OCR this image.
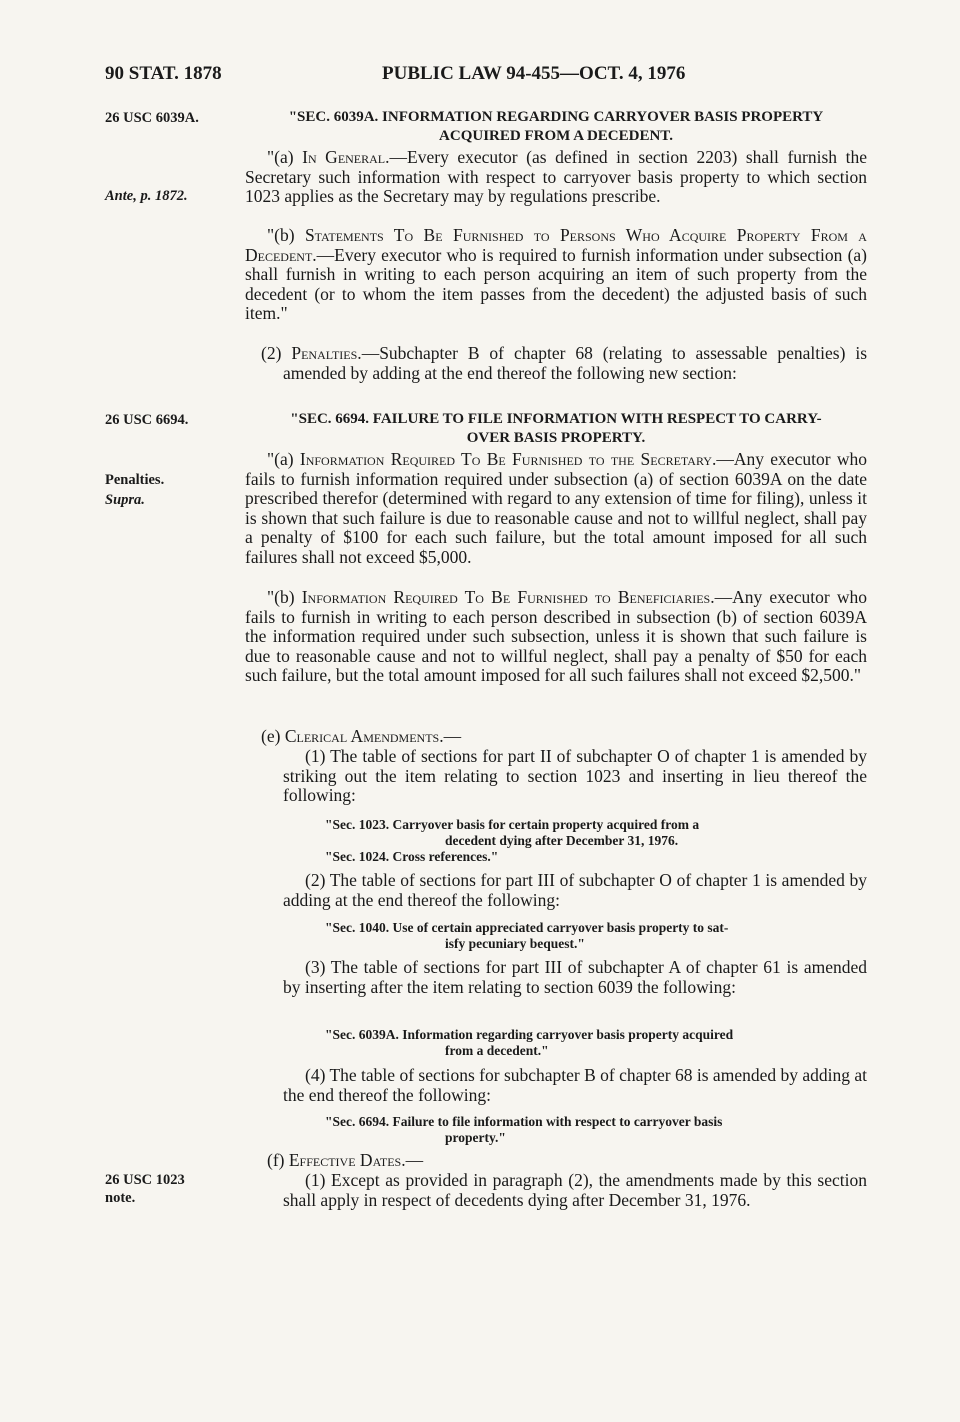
90 STAT. 1878	PUBLIC LAW 94-455—OCT. 4, 1976
26 USC 6039A.
Ante, p. 1872.
26 USC 6694.
Penalties.
Supra.
26 USC 1023
note.
"SEC. 6039A. INFORMATION REGARDING CARRYOVER BASIS PROPERTY
ACQUIRED FROM A DECEDENT.

"(a) In General.—Every executor (as defined in section 2203) shall furnish the Secretary such information with respect to carryover basis property to which section 1023 applies as the Secretary may by regulations prescribe.

"(b) Statements To Be Furnished to Persons Who Acquire Property From a Decedent.—Every executor who is required to furnish information under subsection (a) shall furnish in writing to each person acquiring an item of such property from the decedent (or to whom the item passes from the decedent) the adjusted basis of such item."

(2) Penalties.—Subchapter B of chapter 68 (relating to assessable penalties) is amended by adding at the end thereof the following new section:

"SEC. 6694. FAILURE TO FILE INFORMATION WITH RESPECT TO CARRY-
OVER BASIS PROPERTY.

"(a) Information Required To Be Furnished to the Secretary.—Any executor who fails to furnish information required under subsection (a) of section 6039A on the date prescribed therefor (determined with regard to any extension of time for filing), unless it is shown that such failure is due to reasonable cause and not to willful neglect, shall pay a penalty of $100 for each such failure, but the total amount imposed for all such failures shall not exceed $5,000.

"(b) Information Required To Be Furnished to Beneficiaries.—Any executor who fails to furnish in writing to each person described in subsection (b) of section 6039A the information required under such subsection, unless it is shown that such failure is due to reasonable cause and not to willful neglect, shall pay a penalty of $50 for each such failure, but the total amount imposed for all such failures shall not exceed $2,500."

(e) Clerical Amendments.—

(1) The table of sections for part II of subchapter O of chapter 1 is amended by striking out the item relating to section 1023 and inserting in lieu thereof the following:

"Sec. 1023. Carryover basis for certain property acquired from a
decedent dying after December 31, 1976.
"Sec. 1024. Cross references."

(2) The table of sections for part III of subchapter O of chapter 1 is amended by adding at the end thereof the following:

"Sec. 1040. Use of certain appreciated carryover basis property to sat-
isfy pecuniary bequest."

(3) The table of sections for part III of subchapter A of chapter 61 is amended by inserting after the item relating to section 6039 the following:

"Sec. 6039A. Information regarding carryover basis property acquired
from a decedent."

(4) The table of sections for subchapter B of chapter 68 is amended by adding at the end thereof the following:

"Sec. 6694. Failure to file information with respect to carryover basis
property."

(f) Effective Dates.—

(1) Except as provided in paragraph (2), the amendments made by this section shall apply in respect of decedents dying after December 31, 1976.
